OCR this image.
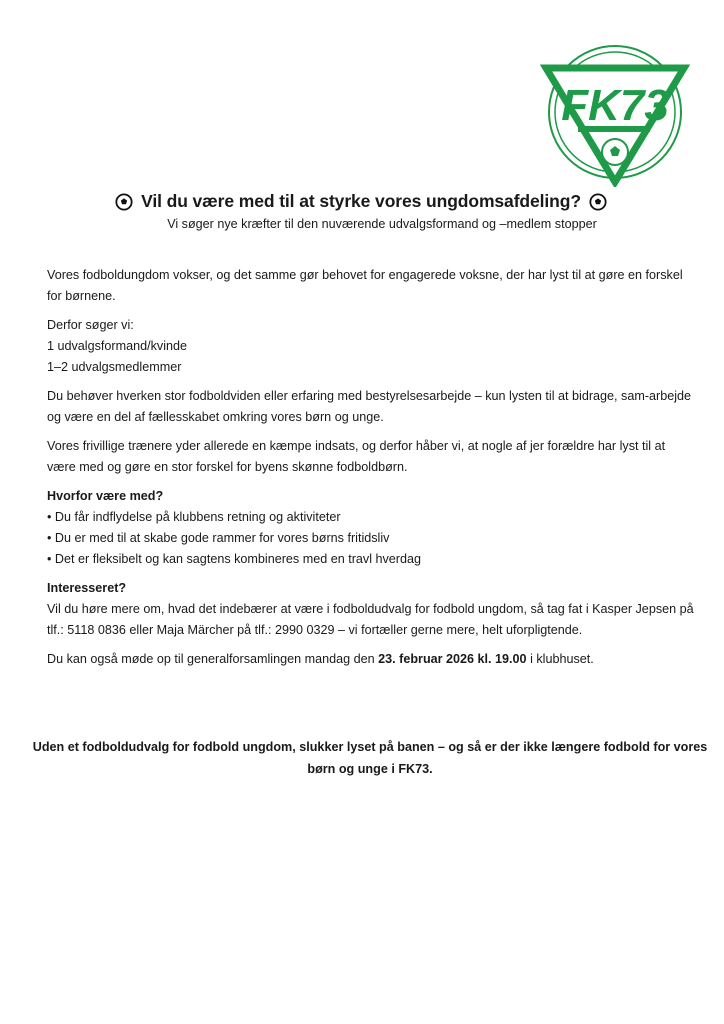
FK73
Vil du være med til at styrke vores ungdomsafdeling?
Vi søger nye kræfter til den nuværende udvalgsformand og –medlem stopper

Vores fodboldungdom vokser, og det samme gør behovet for engagerede voksne, der har lyst til at gøre en forskel for børnene.

Derfor søger vi:
1 udvalgsformand/kvinde
1–2 udvalgsmedlemmer

Du behøver hverken stor fodboldviden eller erfaring med bestyrelsesarbejde – kun lysten til at bidrage, sam-arbejde og være en del af fællesskabet omkring vores børn og unge.

Vores frivillige trænere yder allerede en kæmpe indsats, og derfor håber vi, at nogle af jer forældre har lyst til at være med og gøre en stor forskel for byens skønne fodboldbørn.

Hvorfor være med?
• Du får indflydelse på klubbens retning og aktiviteter
• Du er med til at skabe gode rammer for vores børns fritidsliv
• Det er fleksibelt og kan sagtens kombineres med en travl hverdag

Interesseret?
Vil du høre mere om, hvad det indebærer at være i fodboldudvalg for fodbold ungdom, så tag fat i Kasper Jepsen på tlf.: 5118 0836 eller Maja Märcher på tlf.: 2990 0329 – vi fortæller gerne mere, helt uforpligtende.

Du kan også møde op til generalforsamlingen mandag den 23. februar 2026 kl. 19.00 i klubhuset.

Uden et fodboldudvalg for fodbold ungdom, slukker lyset på banen – og så er der ikke længere fodbold for vores børn og unge i FK73.
